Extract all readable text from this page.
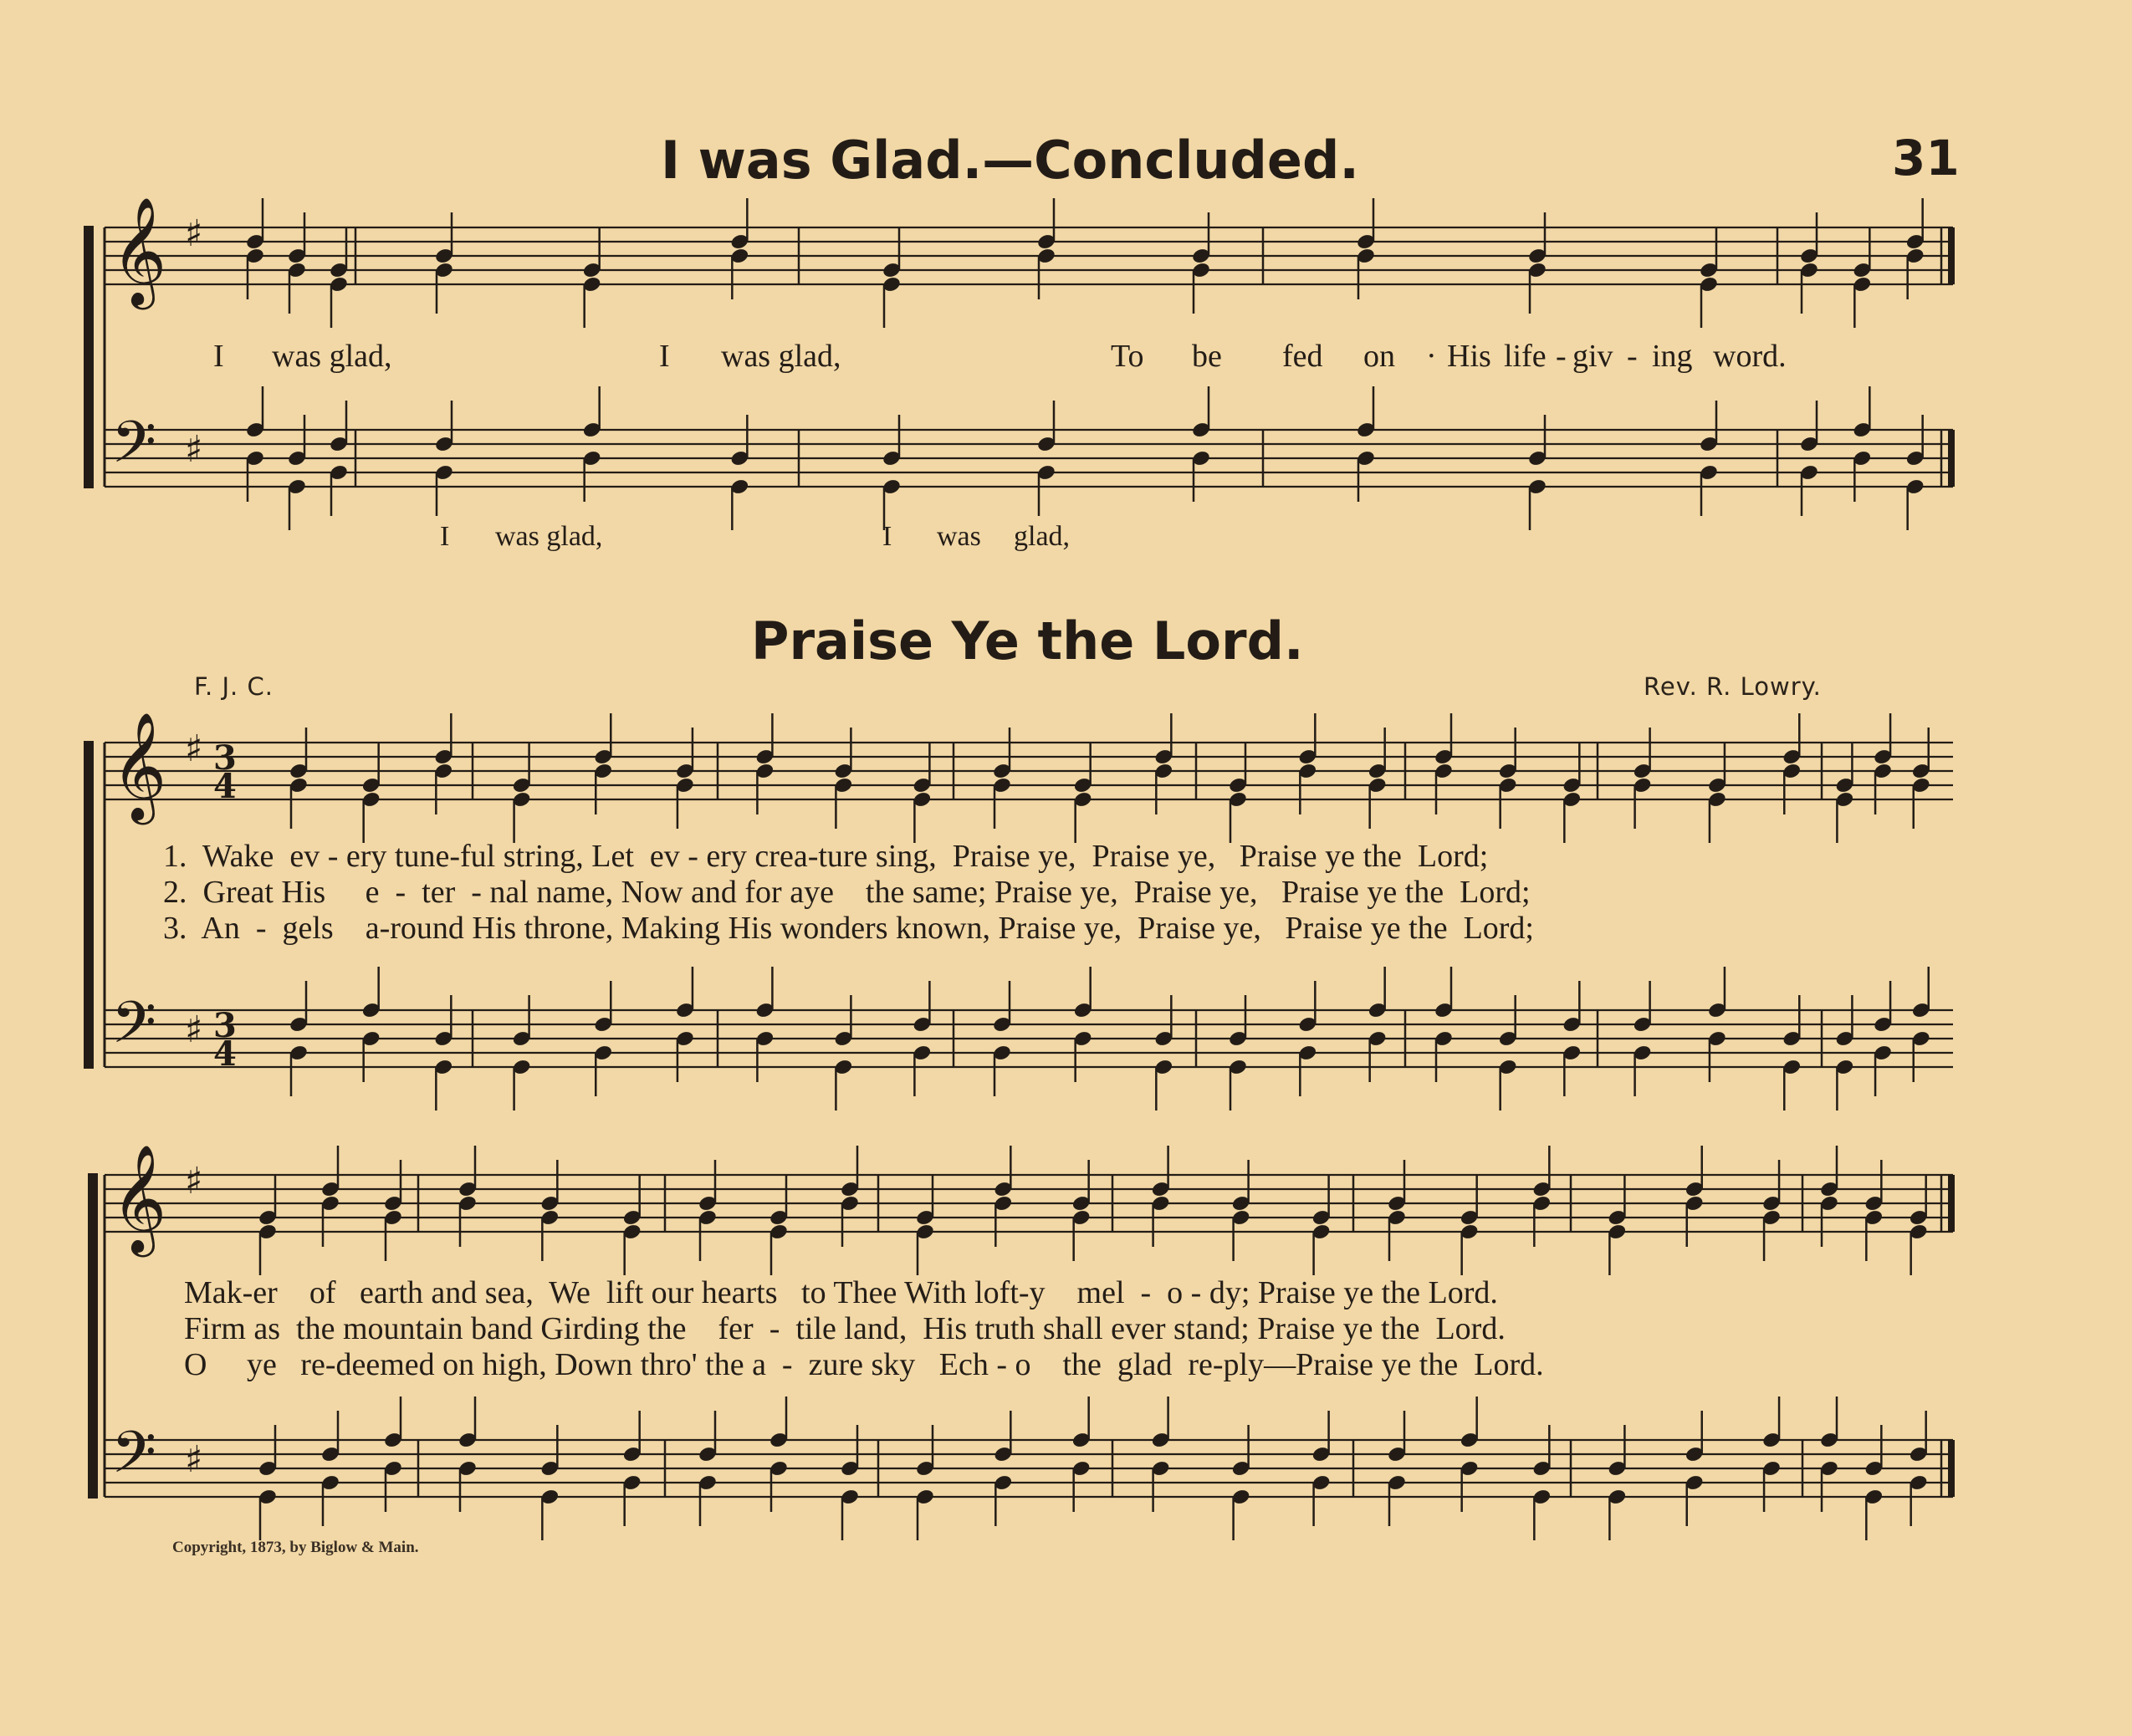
I was Glad.—Concluded.	31
Praise Ye the Lord.
F. J. C.	Rev. R. Lowry.
I was glad,	I was glad,	To be fed on · His life - giv - ing word.
I was glad,	I was glad,
1.  Wake  ev - ery tune-ful string, Let  ev - ery crea-ture sing,  Praise ye,  Praise ye,   Praise ye the  Lord;
2.  Great His     e  -  ter  - nal name, Now and for aye    the same; Praise ye,  Praise ye,   Praise ye the  Lord;
3.  An  -  gels    a-round His throne, Making His wonders known, Praise ye,  Praise ye,   Praise ye the  Lord;
Mak-er    of   earth and sea,  We  lift our hearts   to Thee With loft-y    mel  -  o - dy; Praise ye the Lord.
Firm as  the mountain band Girding the    fer  -  tile land,  His truth shall ever stand; Praise ye the  Lord.
O     ye   re-deemed on high, Down thro' the a  -  zure sky   Ech - o    the  glad  re-ply—Praise ye the  Lord.
Copyright, 1873, by Biglow & Main.
𝄞 ♯
𝄢 ♯
𝄞 ♯
𝄢 ♯
3
4
3
4
𝄞 ♯
𝄢 ♯
